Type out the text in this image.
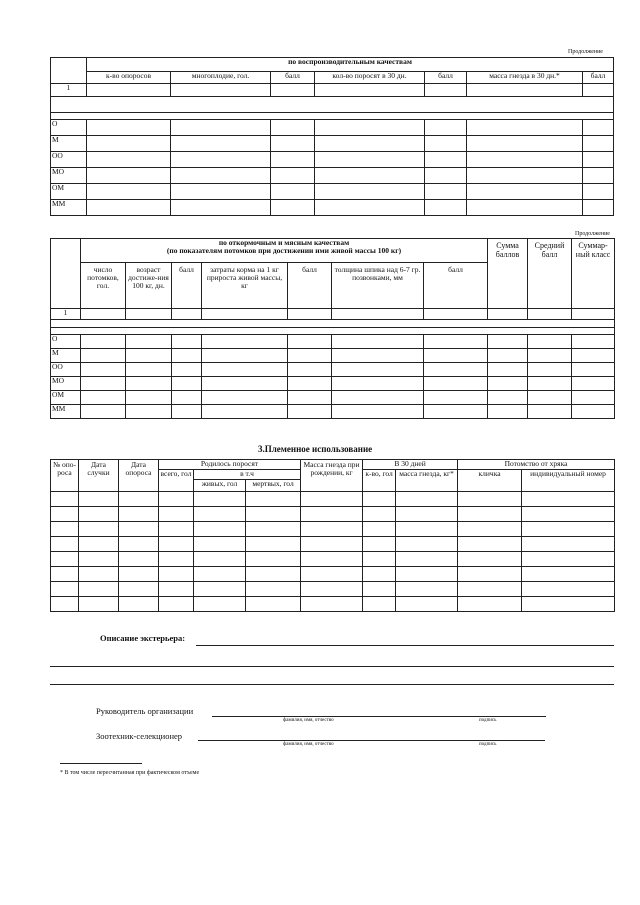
Продолжение
	по воспроизводительным качествам						
	к-во опоросов	многоплодие, гол.	балл	кол-во поросят в 30 дн.	балл	масса гнезда в 30 дн.*	балл
1							

О							
М							
ОО							
МО							
ОМ							
ММ							
Продолжение

	по откормочным и мясным качествам
(по показателям потомков при достижении ими живой массы 100 кг)							Сумма баллов	Средний балл	Суммар-ный класс
	число потомков, гол.	возраст достиже-ния 100 кг, дн.	балл	затраты корма на 1 кг прироста живой массы, кг	балл	толщина шпика над 6-7 гр. позвонками, мм	балл			
1										

О										
М										
ОО										
МО										
ОМ										
ММ										
3.Племенное использование
№ опо-роса	Дата случки	Дата опороса	Родилось поросят			Масса гнезда при рождении, кг	В 30 дней		Потомство от хряка	
			всего, гол	в т.ч			к-во, гол	масса гнезда, кг*	кличка	индивидуальный номер
				живых, гол	мертвых, гол					

Описание экстерьера:
Руководитель организации
фамилия, имя, отчество	подпись
Зоотехник-селекционер
фамилия, имя, отчество	подпись
* В том числе пересчитанная при фактическом отъеме
